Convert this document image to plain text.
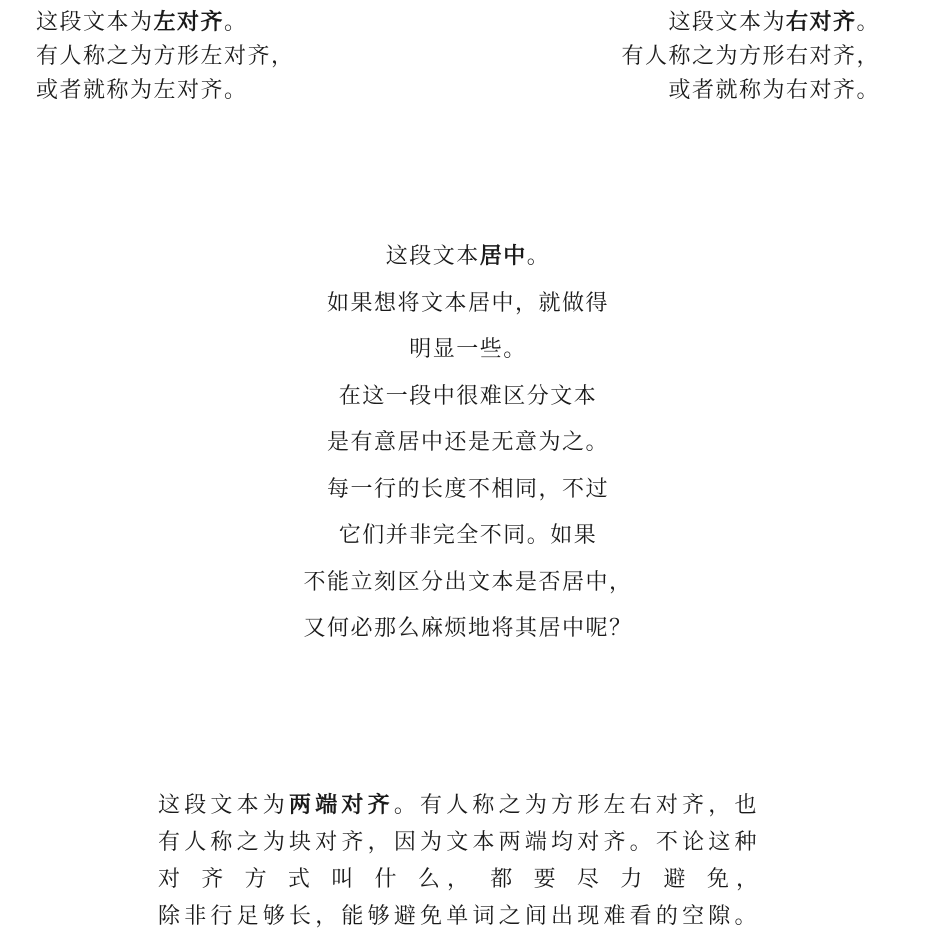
这段文本为左对齐。
有人称之为方形左对齐，
或者就称为左对齐。
这段文本为右对齐。
有人称之为方形右对齐，
或者就称为右对齐。
这段文本居中。
如果想将文本居中，就做得
明显一些。
在这一段中很难区分文本
是有意居中还是无意为之。
每一行的长度不相同，不过
它们并非完全不同。如果
不能立刻区分出文本是否居中，
又何必那么麻烦地将其居中呢？
这段文本为两端对齐。有人称之为方形左右对齐，也
有人称之为块对齐，因为文本两端均对齐。不论这种
对 齐 方 式 叫 什 么， 都 要 尽 力 避 免，
除非行足够长，能够避免单词之间出现难看的空隙。
